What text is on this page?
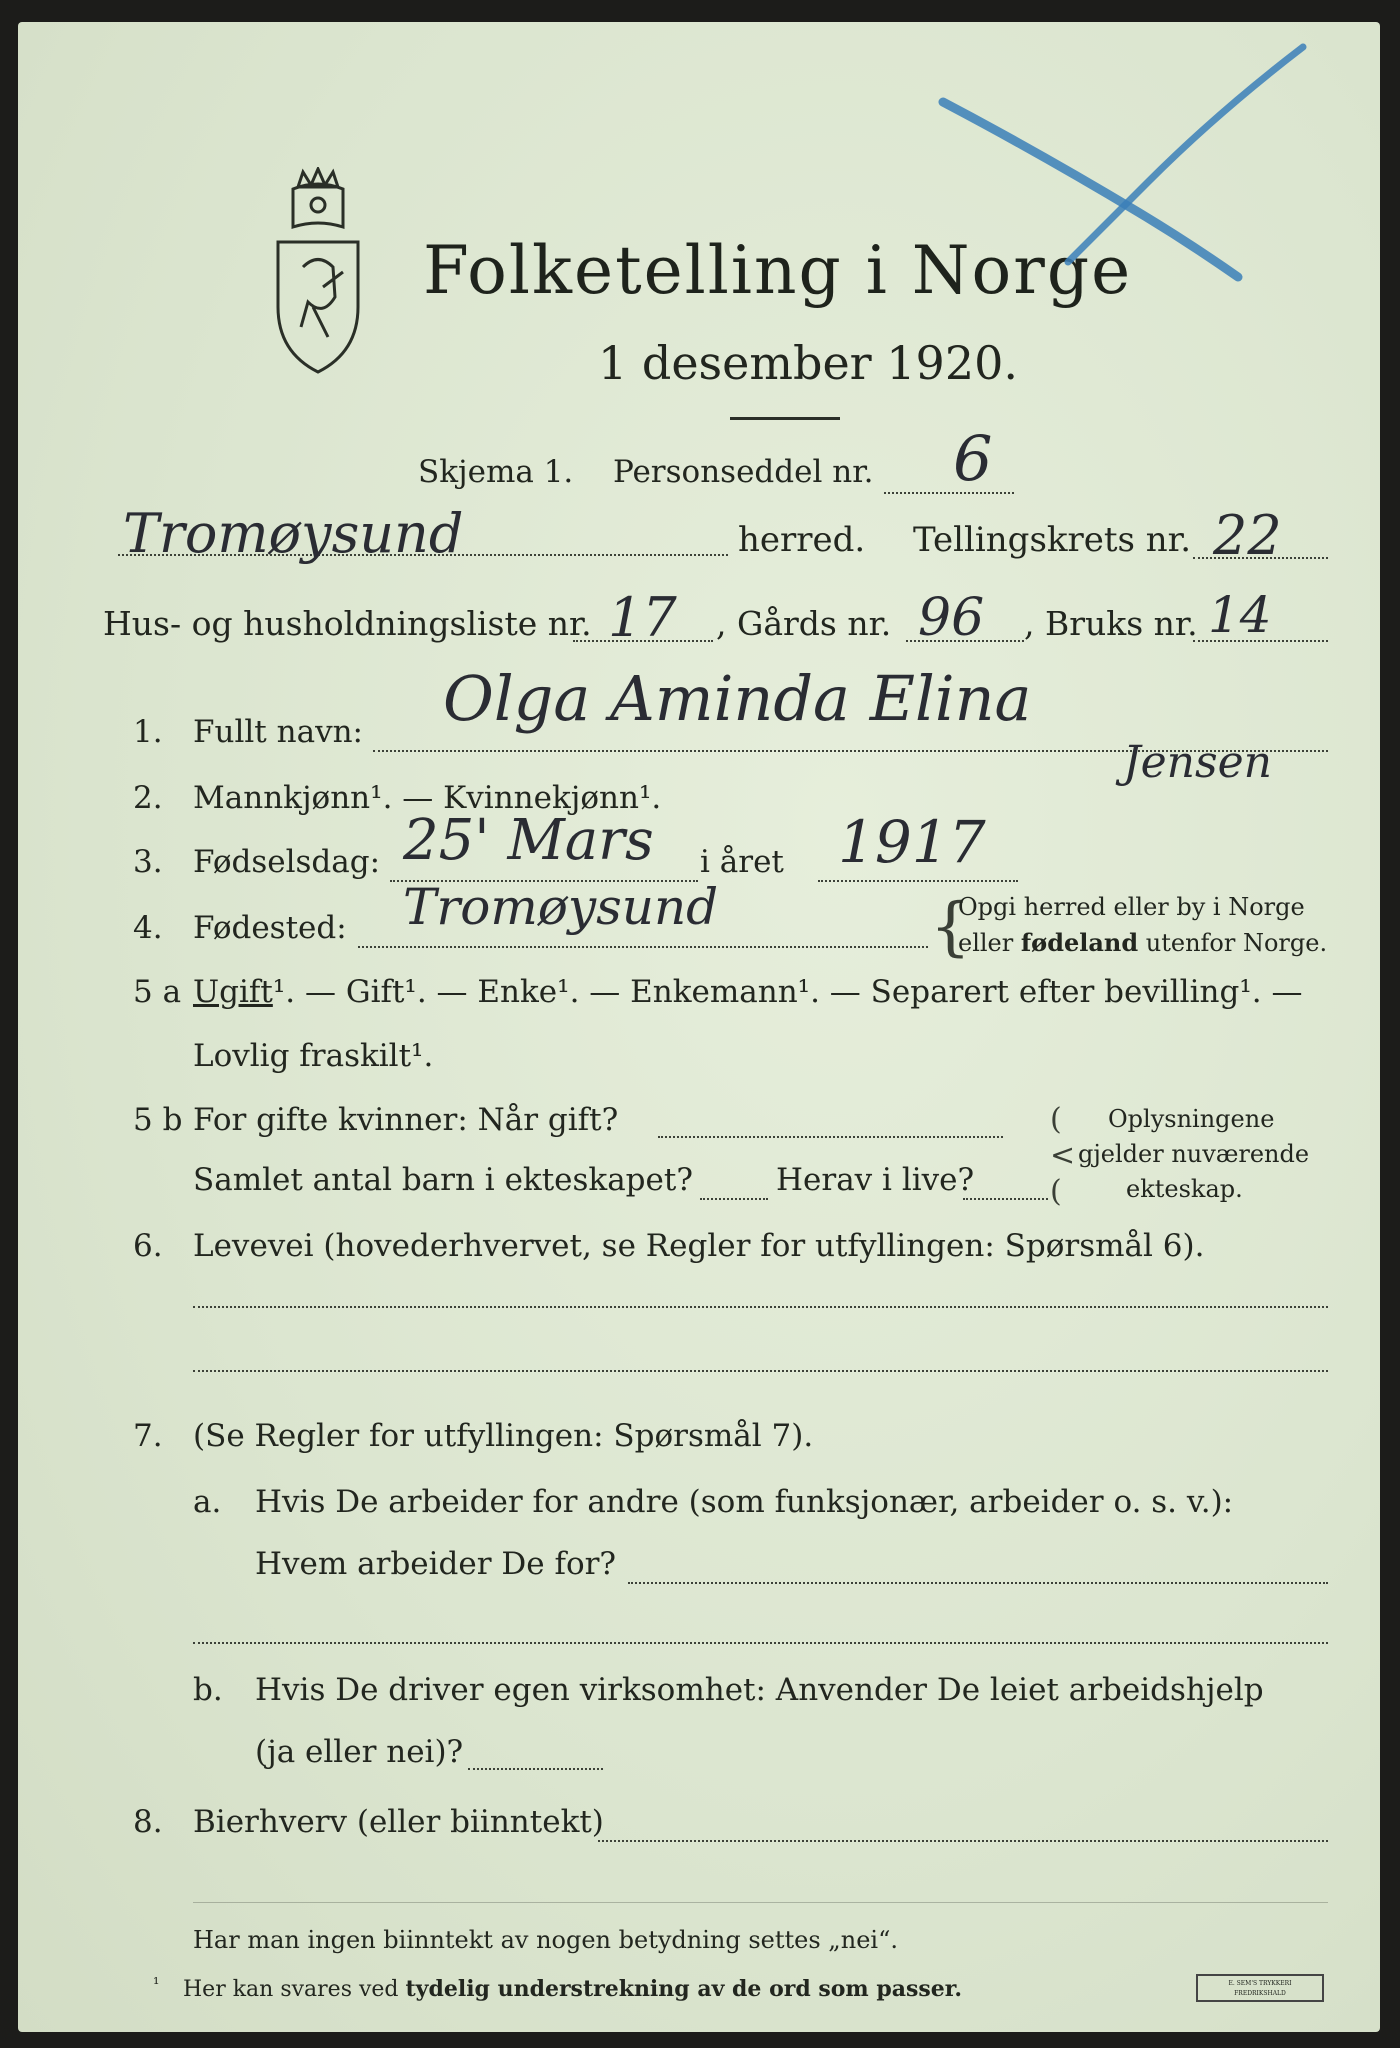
Folketelling i Norge
1 desember 1920.
Skjema 1. Personseddel nr. 6
Tromøysund	herred. Tellingskrets nr. 22
Hus- og husholdningsliste nr. 17 , Gårds nr. 96 , Bruks nr. 14
1. Fullt navn: Olga Aminda Elina
Jensen
2. Mannkjønn¹. — Kvinnekjønn¹.
3. Fødselsdag: 25' Mars i året 1917
4. Fødested: Tromøysund	{
Opgi herred eller by i Norge
eller fødeland utenfor Norge.
5 a Ugift¹. — Gift¹. — Enke¹. — Enkemann¹. — Separert efter bevilling¹. —
Lovlig fraskilt¹.
5 b For gifte kvinner: Når gift?
Samlet antal barn i ekteskapet?	Herav i live?
(
<
(
Oplysningene
gjelder nuværende
ekteskap.
6. Levevei (hovederhvervet, se Regler for utfyllingen: Spørsmål 6).
7. (Se Regler for utfyllingen: Spørsmål 7).
a. Hvis De arbeider for andre (som funksjonær, arbeider o. s. v.):
Hvem arbeider De for?
b. Hvis De driver egen virksomhet: Anvender De leiet arbeidshjelp
(ja eller nei)?
8. Bierhverv (eller biinntekt)
Har man ingen biinntekt av nogen betydning settes „nei“.
¹ Her kan svares ved tydelig understrekning av de ord som passer.	E. SEM'S TRYKKERI FREDRIKSHALD
